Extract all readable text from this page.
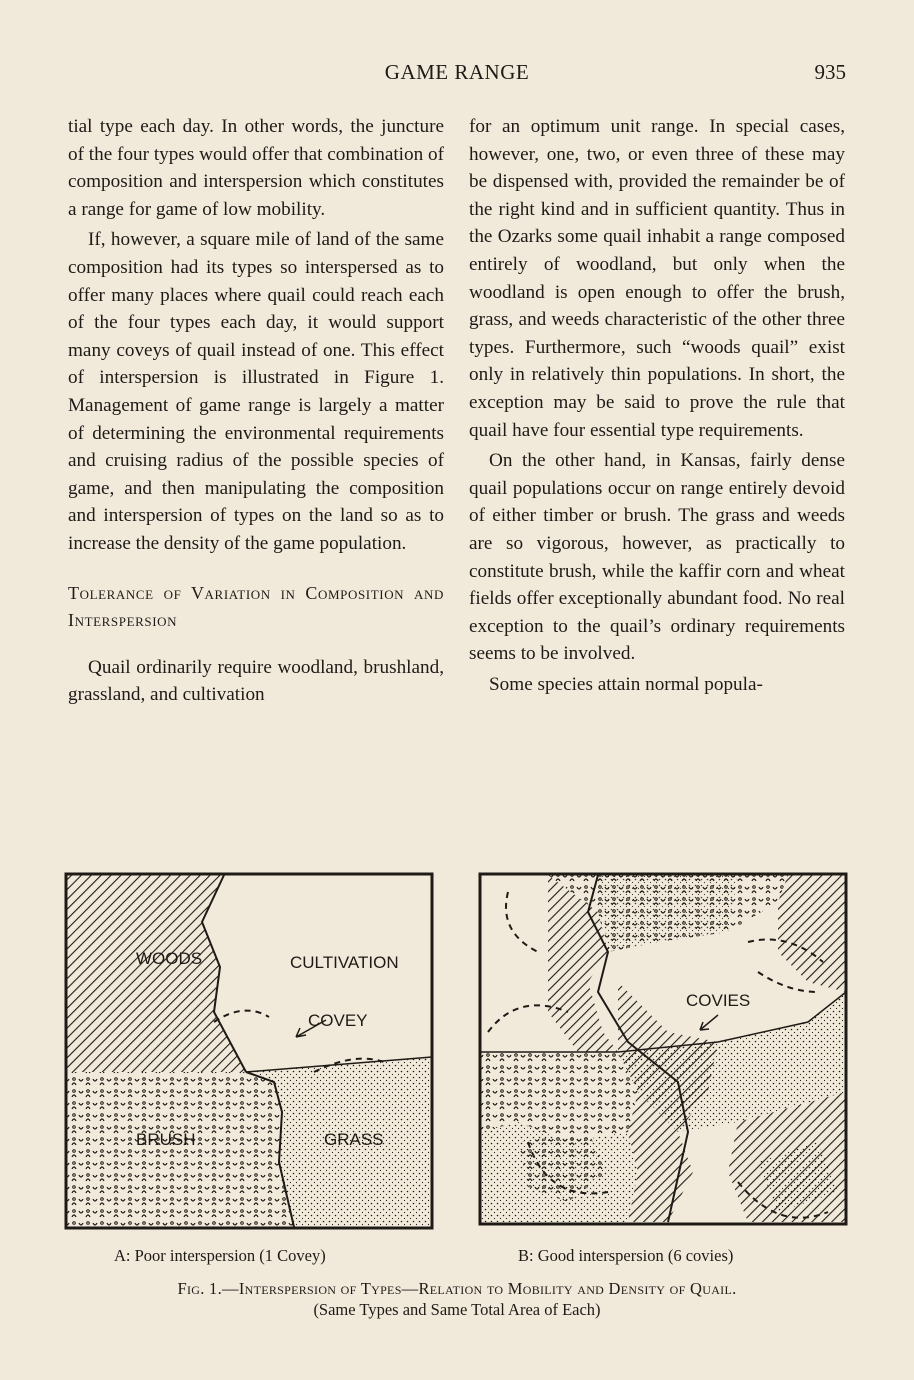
GAME RANGE	935

tial type each day. In other words, the juncture of the four types would offer that combination of composition and interspersion which constitutes a range for game of low mobility.

If, however, a square mile of land of the same composition had its types so interspersed as to offer many places where quail could reach each of the four types each day, it would support many coveys of quail instead of one. This effect of interspersion is illustrated in Figure 1. Management of game range is largely a matter of determining the environmental requirements and cruising radius of the possible species of game, and then manipulating the composition and interspersion of types on the land so as to increase the density of the game population.

Tolerance of Variation in Composition and Interspersion

Quail ordinarily require woodland, brushland, grassland, and cultivation

for an optimum unit range. In special cases, however, one, two, or even three of these may be dispensed with, provided the remainder be of the right kind and in sufficient quantity. Thus in the Ozarks some quail inhabit a range composed entirely of woodland, but only when the woodland is open enough to offer the brush, grass, and weeds characteristic of the other three types. Furthermore, such “woods quail” exist only in relatively thin populations. In short, the exception may be said to prove the rule that quail have four essential type requirements.

On the other hand, in Kansas, fairly dense quail populations occur on range entirely devoid of either timber or brush. The grass and weeds are so vigorous, however, as practically to constitute brush, while the kaffir corn and wheat fields offer exceptionally abundant food. No real exception to the quail’s ordinary requirements seems to be involved.

Some species attain normal popula-

WOODS	CULTIVATION
COVEY
BRUSH	GRASS
COVIES
A: Poor interspersion (1 Covey)	B: Good interspersion (6 covies)
Fig. 1.—Interspersion of Types—Relation to Mobility and Density of Quail.
(Same Types and Same Total Area of Each)
